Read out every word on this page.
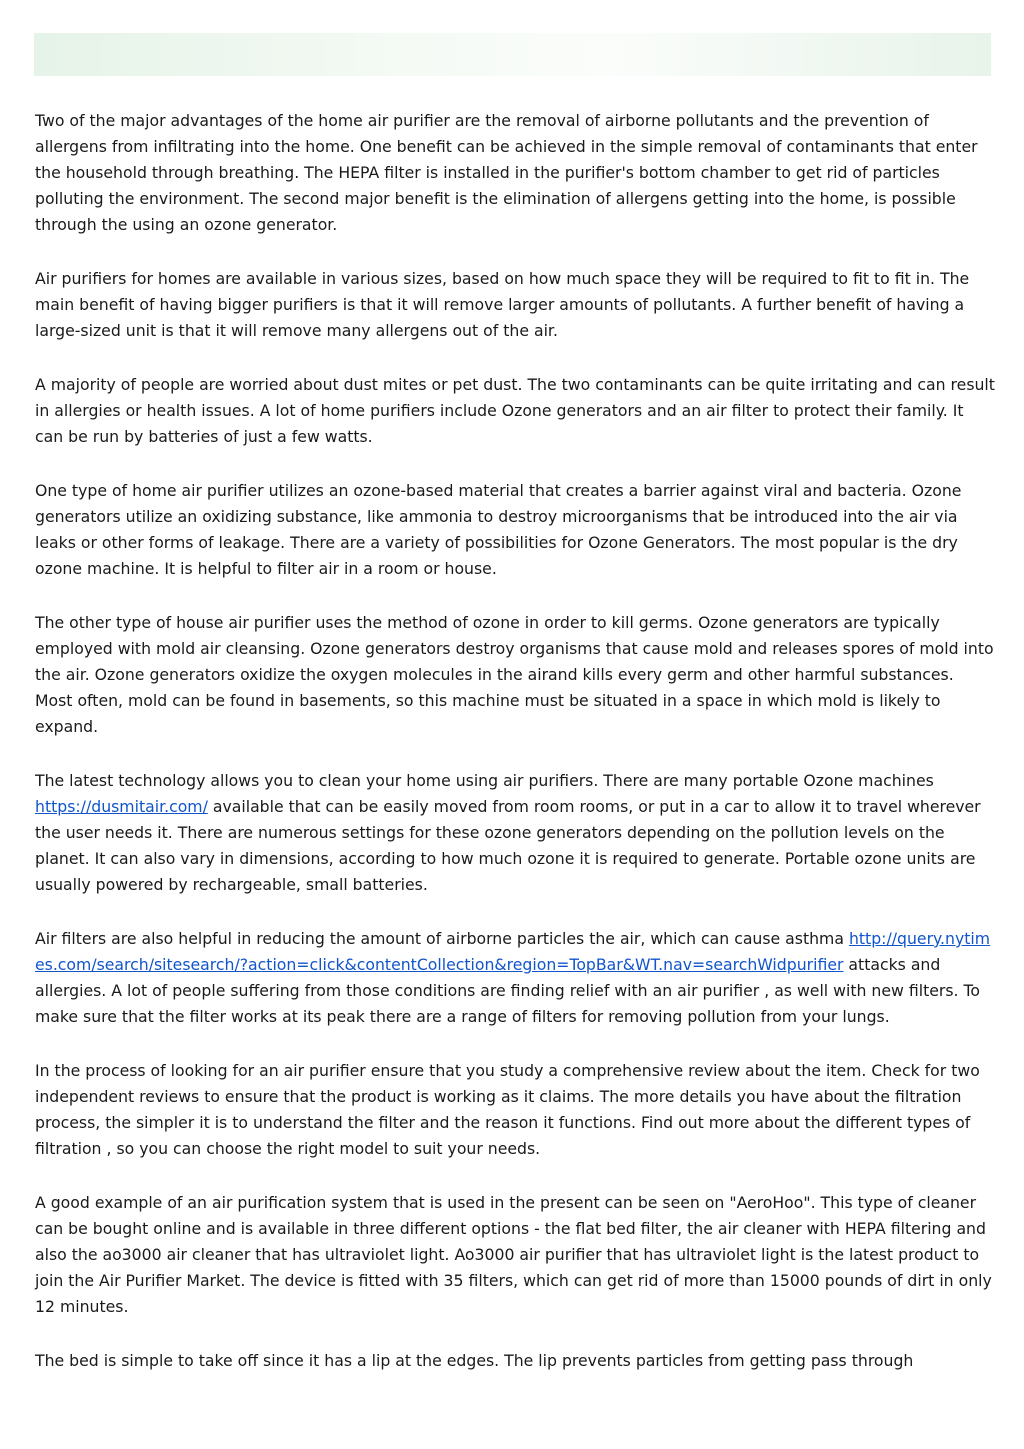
Two of the major advantages of the home air purifier are the removal of airborne pollutants and the prevention of allergens from infiltrating into the home. One benefit can be achieved in the simple removal of contaminants that enter the household through breathing. The HEPA filter is installed in the purifier's bottom chamber to get rid of particles polluting the environment. The second major benefit is the elimination of allergens getting into the home, is possible through the using an ozone generator.

Air purifiers for homes are available in various sizes, based on how much space they will be required to fit to fit in. The main benefit of having bigger purifiers is that it will remove larger amounts of pollutants. A further benefit of having a large-sized unit is that it will remove many allergens out of the air.

A majority of people are worried about dust mites or pet dust. The two contaminants can be quite irritating and can result in allergies or health issues. A lot of home purifiers include Ozone generators and an air filter to protect their family. It can be run by batteries of just a few watts.

One type of home air purifier utilizes an ozone-based material that creates a barrier against viral and bacteria. Ozone generators utilize an oxidizing substance, like ammonia to destroy microorganisms that be introduced into the air via leaks or other forms of leakage. There are a variety of possibilities for Ozone Generators. The most popular is the dry ozone machine. It is helpful to filter air in a room or house.

The other type of house air purifier uses the method of ozone in order to kill germs. Ozone generators are typically employed with mold air cleansing. Ozone generators destroy organisms that cause mold and releases spores of mold into the air. Ozone generators oxidize the oxygen molecules in the airand kills every germ and other harmful substances. Most often, mold can be found in basements, so this machine must be situated in a space in which mold is likely to expand.

The latest technology allows you to clean your home using air purifiers. There are many portable Ozone machines https://dusmitair.com/ available that can be easily moved from room rooms, or put in a car to allow it to travel wherever the user needs it. There are numerous settings for these ozone generators depending on the pollution levels on the planet. It can also vary in dimensions, according to how much ozone it is required to generate. Portable ozone units are usually powered by rechargeable, small batteries.

Air filters are also helpful in reducing the amount of airborne particles the air, which can cause asthma http://query.nytimes.com/search/sitesearch/?action=click&contentCollection&region=TopBar&WT.nav=searchWidpurifier attacks and allergies. A lot of people suffering from those conditions are finding relief with an air purifier , as well with new filters. To make sure that the filter works at its peak there are a range of filters for removing pollution from your lungs.

In the process of looking for an air purifier ensure that you study a comprehensive review about the item. Check for two independent reviews to ensure that the product is working as it claims. The more details you have about the filtration process, the simpler it is to understand the filter and the reason it functions. Find out more about the different types of filtration , so you can choose the right model to suit your needs.

A good example of an air purification system that is used in the present can be seen on "AeroHoo". This type of cleaner can be bought online and is available in three different options - the flat bed filter, the air cleaner with HEPA filtering and also the ao3000 air cleaner that has ultraviolet light. Ao3000 air purifier that has ultraviolet light is the latest product to join the Air Purifier Market. The device is fitted with 35 filters, which can get rid of more than 15000 pounds of dirt in only 12 minutes.

The bed is simple to take off since it has a lip at the edges. The lip prevents particles from getting pass through
